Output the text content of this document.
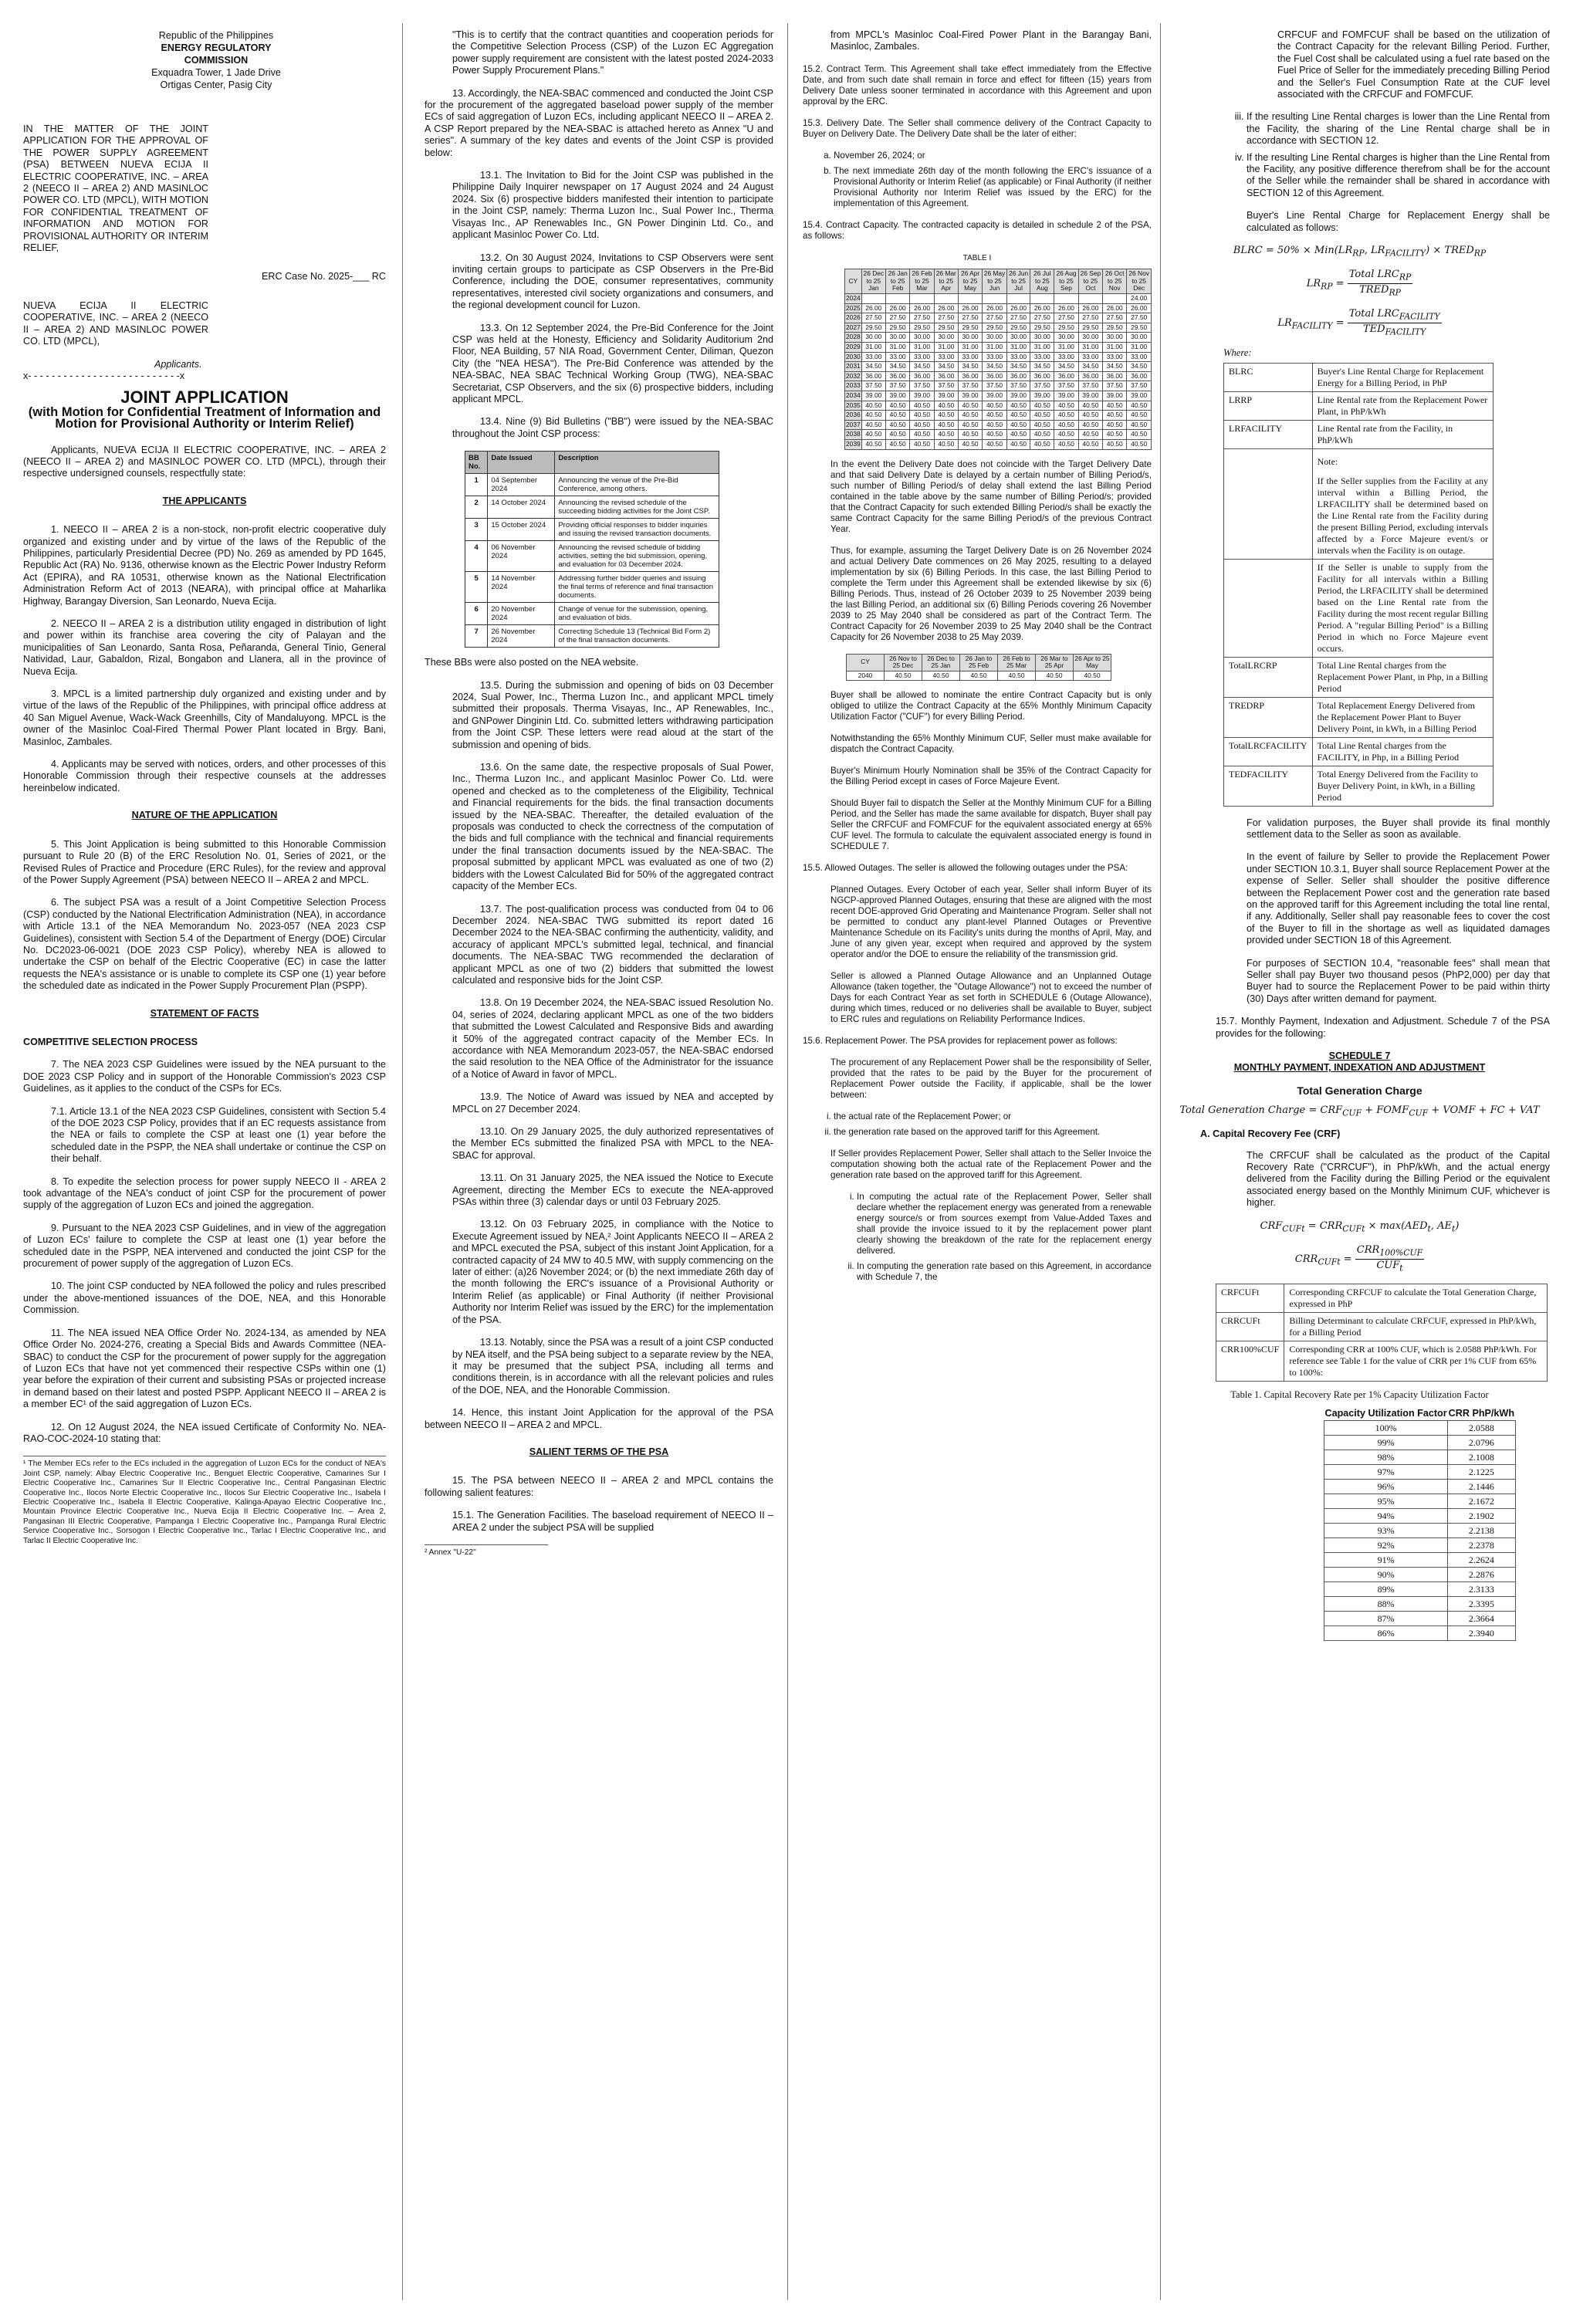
Republic of the Philippines
ENERGY REGULATORY COMMISSION
Exquadra Tower, 1 Jade Drive
Ortigas Center, Pasig City

IN THE MATTER OF THE JOINT APPLICATION FOR THE APPROVAL OF THE POWER SUPPLY AGREEMENT (PSA) BETWEEN NUEVA ECIJA II ELECTRIC COOPERATIVE, INC. – AREA 2 (NEECO II – AREA 2) AND MASINLOC POWER CO. LTD (MPCL), WITH MOTION FOR CONFIDENTIAL TREATMENT OF INFORMATION AND MOTION FOR PROVISIONAL AUTHORITY OR INTERIM RELIEF,

ERC Case No. 2025-___ RC

NUEVA ECIJA II ELECTRIC COOPERATIVE, INC. – AREA 2 (NEECO II – AREA 2) AND MASINLOC POWER CO. LTD (MPCL),

Applicants.
x- - - - - - - - - - - - - - - - - - - - - - - - - -x
JOINT APPLICATION
(with Motion for Confidential Treatment of Information and Motion for Provisional Authority or Interim Relief)

Applicants, NUEVA ECIJA II ELECTRIC COOPERATIVE, INC. – AREA 2 (NEECO II – AREA 2) and MASINLOC POWER CO. LTD (MPCL), through their respective undersigned counsels, respectfully state:

THE APPLICANTS

1. NEECO II – AREA 2 is a non-stock, non-profit electric cooperative duly organized and existing under and by virtue of the laws of the Republic of the Philippines, particularly Presidential Decree (PD) No. 269 as amended by PD 1645, Republic Act (RA) No. 9136, otherwise known as the Electric Power Industry Reform Act (EPIRA), and RA 10531, otherwise known as the National Electrification Administration Reform Act of 2013 (NEARA), with principal office at Maharlika Highway, Barangay Diversion, San Leonardo, Nueva Ecija.

2. NEECO II – AREA 2 is a distribution utility engaged in distribution of light and power within its franchise area covering the city of Palayan and the municipalities of San Leonardo, Santa Rosa, Peñaranda, General Tinio, General Natividad, Laur, Gabaldon, Rizal, Bongabon and Llanera, all in the province of Nueva Ecija.

3. MPCL is a limited partnership duly organized and existing under and by virtue of the laws of the Republic of the Philippines, with principal office address at 40 San Miguel Avenue, Wack-Wack Greenhills, City of Mandaluyong. MPCL is the owner of the Masinloc Coal-Fired Thermal Power Plant located in Brgy. Bani, Masinloc, Zambales.

4. Applicants may be served with notices, orders, and other processes of this Honorable Commission through their respective counsels at the addresses hereinbelow indicated.

NATURE OF THE APPLICATION

5. This Joint Application is being submitted to this Honorable Commission pursuant to Rule 20 (B) of the ERC Resolution No. 01, Series of 2021, or the Revised Rules of Practice and Procedure (ERC Rules), for the review and approval of the Power Supply Agreement (PSA) between NEECO II – AREA 2 and MPCL.

6. The subject PSA was a result of a Joint Competitive Selection Process (CSP) conducted by the National Electrification Administration (NEA), in accordance with Article 13.1 of the NEA Memorandum No. 2023-057 (NEA 2023 CSP Guidelines), consistent with Section 5.4 of the Department of Energy (DOE) Circular No. DC2023-06-0021 (DOE 2023 CSP Policy), whereby NEA is allowed to undertake the CSP on behalf of the Electric Cooperative (EC) in case the latter requests the NEA's assistance or is unable to complete its CSP one (1) year before the scheduled date as indicated in the Power Supply Procurement Plan (PSPP).

STATEMENT OF FACTS
COMPETITIVE SELECTION PROCESS

7. The NEA 2023 CSP Guidelines were issued by the NEA pursuant to the DOE 2023 CSP Policy and in support of the Honorable Commission's 2023 CSP Guidelines, as it applies to the conduct of the CSPs for ECs.

7.1. Article 13.1 of the NEA 2023 CSP Guidelines, consistent with Section 5.4 of the DOE 2023 CSP Policy, provides that if an EC requests assistance from the NEA or fails to complete the CSP at least one (1) year before the scheduled date in the PSPP, the NEA shall undertake or continue the CSP on their behalf.

8. To expedite the selection process for power supply NEECO II - AREA 2 took advantage of the NEA's conduct of joint CSP for the procurement of power supply of the aggregation of Luzon ECs and joined the aggregation.

9. Pursuant to the NEA 2023 CSP Guidelines, and in view of the aggregation of Luzon ECs' failure to complete the CSP at least one (1) year before the scheduled date in the PSPP, NEA intervened and conducted the joint CSP for the procurement of power supply of the aggregation of Luzon ECs.

10. The joint CSP conducted by NEA followed the policy and rules prescribed under the above-mentioned issuances of the DOE, NEA, and this Honorable Commission.

11. The NEA issued NEA Office Order No. 2024-134, as amended by NEA Office Order No. 2024-276, creating a Special Bids and Awards Committee (NEA-SBAC) to conduct the CSP for the procurement of power supply for the aggregation of Luzon ECs that have not yet commenced their respective CSPs within one (1) year before the expiration of their current and subsisting PSAs or projected increase in demand based on their latest and posted PSPP. Applicant NEECO II – AREA 2 is a member EC¹ of the said aggregation of Luzon ECs.

12. On 12 August 2024, the NEA issued Certificate of Conformity No. NEA-RAO-COC-2024-10 stating that:

¹ The Member ECs refer to the ECs included in the aggregation of Luzon ECs for the conduct of NEA's Joint CSP, namely: Albay Electric Cooperative Inc., Benguet Electric Cooperative, Camarines Sur I Electric Cooperative Inc., Camarines Sur II Electric Cooperative Inc., Central Pangasinan Electric Cooperative Inc., Ilocos Norte Electric Cooperative Inc., Ilocos Sur Electric Cooperative Inc., Isabela I Electric Cooperative Inc., Isabela II Electric Cooperative, Kalinga-Apayao Electric Cooperative Inc., Mountain Province Electric Cooperative Inc., Nueva Ecija II Electric Cooperative Inc. – Area 2, Pangasinan III Electric Cooperative, Pampanga I Electric Cooperative Inc., Pampanga Rural Electric Service Cooperative Inc., Sorsogon I Electric Cooperative Inc., Tarlac I Electric Cooperative Inc., and Tarlac II Electric Cooperative Inc.

"This is to certify that the contract quantities and cooperation periods for the Competitive Selection Process (CSP) of the Luzon EC Aggregation power supply requirement are consistent with the latest posted 2024-2033 Power Supply Procurement Plans."

13. Accordingly, the NEA-SBAC commenced and conducted the Joint CSP for the procurement of the aggregated baseload power supply of the member ECs of said aggregation of Luzon ECs, including applicant NEECO II – AREA 2. A CSP Report prepared by the NEA-SBAC is attached hereto as Annex "U and series". A summary of the key dates and events of the Joint CSP is provided below:

13.1. The Invitation to Bid for the Joint CSP was published in the Philippine Daily Inquirer newspaper on 17 August 2024 and 24 August 2024. Six (6) prospective bidders manifested their intention to participate in the Joint CSP, namely: Therma Luzon Inc., Sual Power Inc., Therma Visayas Inc., AP Renewables Inc., GN Power Dinginin Ltd. Co., and applicant Masinloc Power Co. Ltd.

13.2. On 30 August 2024, Invitations to CSP Observers were sent inviting certain groups to participate as CSP Observers in the Pre-Bid Conference, including the DOE, consumer representatives, community representatives, interested civil society organizations and consumers, and the regional development council for Luzon.

13.3. On 12 September 2024, the Pre-Bid Conference for the Joint CSP was held at the Honesty, Efficiency and Solidarity Auditorium 2nd Floor, NEA Building, 57 NIA Road, Government Center, Diliman, Quezon City (the "NEA HESA"). The Pre-Bid Conference was attended by the NEA-SBAC, NEA SBAC Technical Working Group (TWG), NEA-SBAC Secretariat, CSP Observers, and the six (6) prospective bidders, including applicant MPCL.

13.4. Nine (9) Bid Bulletins ("BB") were issued by the NEA-SBAC throughout the Joint CSP process:

BB No.	Date Issued	Description
1	04 September 2024	Announcing the venue of the Pre-Bid Conference, among others.
2	14 October 2024	Announcing the revised schedule of the succeeding bidding activities for the Joint CSP.
3	15 October 2024	Providing official responses to bidder inquiries and issuing the revised transaction documents.
4	06 November 2024	Announcing the revised schedule of bidding activities, setting the bid submission, opening, and evaluation for 03 December 2024.
5	14 November 2024	Addressing further bidder queries and issuing the final terms of reference and final transaction documents.
6	20 November 2024	Change of venue for the submission, opening, and evaluation of bids.
7	26 November 2024	Correcting Schedule 13 (Technical Bid Form 2) of the final transaction documents.

These BBs were also posted on the NEA website.

13.5. During the submission and opening of bids on 03 December 2024, Sual Power, Inc., Therma Luzon Inc., and applicant MPCL timely submitted their proposals. Therma Visayas, Inc., AP Renewables, Inc., and GNPower Dinginin Ltd. Co. submitted letters withdrawing participation from the Joint CSP. These letters were read aloud at the start of the submission and opening of bids.

13.6. On the same date, the respective proposals of Sual Power, Inc., Therma Luzon Inc., and applicant Masinloc Power Co. Ltd. were opened and checked as to the completeness of the Eligibility, Technical and Financial requirements for the bids. the final transaction documents issued by the NEA-SBAC. Thereafter, the detailed evaluation of the proposals was conducted to check the correctness of the computation of the bids and full compliance with the technical and financial requirements under the final transaction documents issued by the NEA-SBAC. The proposal submitted by applicant MPCL was evaluated as one of two (2) bidders with the Lowest Calculated Bid for 50% of the aggregated contract capacity of the Member ECs.

13.7. The post-qualification process was conducted from 04 to 06 December 2024. NEA-SBAC TWG submitted its report dated 16 December 2024 to the NEA-SBAC confirming the authenticity, validity, and accuracy of applicant MPCL's submitted legal, technical, and financial documents. The NEA-SBAC TWG recommended the declaration of applicant MPCL as one of two (2) bidders that submitted the lowest calculated and responsive bids for the Joint CSP.

13.8. On 19 December 2024, the NEA-SBAC issued Resolution No. 04, series of 2024, declaring applicant MPCL as one of the two bidders that submitted the Lowest Calculated and Responsive Bids and awarding it 50% of the aggregated contract capacity of the Member ECs. In accordance with NEA Memorandum 2023-057, the NEA-SBAC endorsed the said resolution to the NEA Office of the Administrator for the issuance of a Notice of Award in favor of MPCL.

13.9. The Notice of Award was issued by NEA and accepted by MPCL on 27 December 2024.

13.10. On 29 January 2025, the duly authorized representatives of the Member ECs submitted the finalized PSA with MPCL to the NEA-SBAC for approval.

13.11. On 31 January 2025, the NEA issued the Notice to Execute Agreement, directing the Member ECs to execute the NEA-approved PSAs within three (3) calendar days or until 03 February 2025.

13.12. On 03 February 2025, in compliance with the Notice to Execute Agreement issued by NEA,² Joint Applicants NEECO II – AREA 2 and MPCL executed the PSA, subject of this instant Joint Application, for a contracted capacity of 24 MW to 40.5 MW, with supply commencing on the later of either: (a)26 November 2024; or (b) the next immediate 26th day of the month following the ERC's issuance of a Provisional Authority or Interim Relief (as applicable) or Final Authority (if neither Provisional Authority nor Interim Relief was issued by the ERC) for the implementation of the PSA.

13.13. Notably, since the PSA was a result of a joint CSP conducted by NEA itself, and the PSA being subject to a separate review by the NEA, it may be presumed that the subject PSA, including all terms and conditions therein, is in accordance with all the relevant policies and rules of the DOE, NEA, and the Honorable Commission.

14. Hence, this instant Joint Application for the approval of the PSA between NEECO II – AREA 2 and MPCL.

SALIENT TERMS OF THE PSA

15. The PSA between NEECO II – AREA 2 and MPCL contains the following salient features:

15.1. The Generation Facilities. The baseload requirement of NEECO II – AREA 2 under the subject PSA will be supplied

² Annex "U-22"

from MPCL's Masinloc Coal-Fired Power Plant in the Barangay Bani, Masinloc, Zambales.

15.2. Contract Term. This Agreement shall take effect immediately from the Effective Date, and from such date shall remain in force and effect for fifteen (15) years from Delivery Date unless sooner terminated in accordance with this Agreement and upon approval by the ERC.

15.3. Delivery Date. The Seller shall commence delivery of the Contract Capacity to Buyer on Delivery Date. The Delivery Date shall be the later of either:

a. November 26, 2024; or
b. The next immediate 26th day of the month following the ERC's issuance of a Provisional Authority or Interim Relief (as applicable) or Final Authority (if neither Provisional Authority nor Interim Relief was issued by the ERC) for the implementation of this Agreement.

15.4. Contract Capacity. The contracted capacity is detailed in schedule 2 of the PSA, as follows:

TABLE I
CY	26 Dec to 25 Jan	26 Jan to 25 Feb	26 Feb to 25 Mar	26 Mar to 25 Apr	26 Apr to 25 May	26 May to 25 Jun	26 Jun to 25 Jul	26 Jul to 25 Aug	26 Aug to 25 Sep	26 Sep to 25 Oct	26 Oct to 25 Nov	26 Nov to 25 Dec
2024												24.00
2025	26.00	26.00	26.00	26.00	26.00	26.00	26.00	26.00	26.00	26.00	26.00	26.00
2026	27.50	27.50	27.50	27.50	27.50	27.50	27.50	27.50	27.50	27.50	27.50	27.50
2027	29.50	29.50	29.50	29.50	29.50	29.50	29.50	29.50	29.50	29.50	29.50	29.50
2028	30.00	30.00	30.00	30.00	30.00	30.00	30.00	30.00	30.00	30.00	30.00	30.00
2029	31.00	31.00	31.00	31.00	31.00	31.00	31.00	31.00	31.00	31.00	31.00	31.00
2030	33.00	33.00	33.00	33.00	33.00	33.00	33.00	33.00	33.00	33.00	33.00	33.00
2031	34.50	34.50	34.50	34.50	34.50	34.50	34.50	34.50	34.50	34.50	34.50	34.50
2032	36.00	36.00	36.00	36.00	36.00	36.00	36.00	36.00	36.00	36.00	36.00	36.00
2033	37.50	37.50	37.50	37.50	37.50	37.50	37.50	37.50	37.50	37.50	37.50	37.50
2034	39.00	39.00	39.00	39.00	39.00	39.00	39.00	39.00	39.00	39.00	39.00	39.00
2035	40.50	40.50	40.50	40.50	40.50	40.50	40.50	40.50	40.50	40.50	40.50	40.50
2036	40.50	40.50	40.50	40.50	40.50	40.50	40.50	40.50	40.50	40.50	40.50	40.50
2037	40.50	40.50	40.50	40.50	40.50	40.50	40.50	40.50	40.50	40.50	40.50	40.50
2038	40.50	40.50	40.50	40.50	40.50	40.50	40.50	40.50	40.50	40.50	40.50	40.50
2039	40.50	40.50	40.50	40.50	40.50	40.50	40.50	40.50	40.50	40.50	40.50	40.50

In the event the Delivery Date does not coincide with the Target Delivery Date and that said Delivery Date is delayed by a certain number of Billing Period/s, such number of Billing Period/s of delay shall extend the last Billing Period contained in the table above by the same number of Billing Period/s; provided that the Contract Capacity for such extended Billing Period/s shall be exactly the same Contract Capacity for the same Billing Period/s of the previous Contract Year.

Thus, for example, assuming the Target Delivery Date is on 26 November 2024 and actual Delivery Date commences on 26 May 2025, resulting to a delayed implementation by six (6) Billing Periods. In this case, the last Billing Period to complete the Term under this Agreement shall be extended likewise by six (6) Billing Periods. Thus, instead of 26 October 2039 to 25 November 2039 being the last Billing Period, an additional six (6) Billing Periods covering 26 November 2039 to 25 May 2040 shall be considered as part of the Contract Term. The Contract Capacity for 26 November 2039 to 25 May 2040 shall be the Contract Capacity for 26 November 2038 to 25 May 2039.

CY	26 Nov to 25 Dec	26 Dec to 25 Jan	26 Jan to 25 Feb	26 Feb to 25 Mar	26 Mar to 25 Apr	26 Apr to 25 May
2040	40.50	40.50	40.50	40.50	40.50	40.50

Buyer shall be allowed to nominate the entire Contract Capacity but is only obliged to utilize the Contract Capacity at the 65% Monthly Minimum Capacity Utilization Factor ("CUF") for every Billing Period.

Notwithstanding the 65% Monthly Minimum CUF, Seller must make available for dispatch the Contract Capacity.

Buyer's Minimum Hourly Nomination shall be 35% of the Contract Capacity for the Billing Period except in cases of Force Majeure Event.

Should Buyer fail to dispatch the Seller at the Monthly Minimum CUF for a Billing Period, and the Seller has made the same available for dispatch, Buyer shall pay Seller the CRFCUF and FOMFCUF for the equivalent associated energy at 65% CUF level. The formula to calculate the equivalent associated energy is found in SCHEDULE 7.

15.5. Allowed Outages. The seller is allowed the following outages under the PSA:

Planned Outages. Every October of each year, Seller shall inform Buyer of its NGCP-approved Planned Outages, ensuring that these are aligned with the most recent DOE-approved Grid Operating and Maintenance Program. Seller shall not be permitted to conduct any plant-level Planned Outages or Preventive Maintenance Schedule on its Facility's units during the months of April, May, and June of any given year, except when required and approved by the system operator and/or the DOE to ensure the reliability of the transmission grid.

Seller is allowed a Planned Outage Allowance and an Unplanned Outage Allowance (taken together, the "Outage Allowance") not to exceed the number of Days for each Contract Year as set forth in SCHEDULE 6 (Outage Allowance), during which times, reduced or no deliveries shall be available to Buyer, subject to ERC rules and regulations on Reliability Performance Indices.

15.6. Replacement Power. The PSA provides for replacement power as follows:

The procurement of any Replacement Power shall be the responsibility of Seller, provided that the rates to be paid by the Buyer for the procurement of Replacement Power outside the Facility, if applicable, shall be the lower between:

i. the actual rate of the Replacement Power; or
ii. the generation rate based on the approved tariff for this Agreement.

If Seller provides Replacement Power, Seller shall attach to the Seller Invoice the computation showing both the actual rate of the Replacement Power and the generation rate based on the approved tariff for this Agreement.

i. In computing the actual rate of the Replacement Power, Seller shall declare whether the replacement energy was generated from a renewable energy source/s or from sources exempt from Value-Added Taxes and shall provide the invoice issued to it by the replacement power plant clearly showing the breakdown of the rate for the replacement energy delivered.
ii. In computing the generation rate based on this Agreement, in accordance with Schedule 7, the

CRFCUF and FOMFCUF shall be based on the utilization of the Contract Capacity for the relevant Billing Period. Further, the Fuel Cost shall be calculated using a fuel rate based on the Fuel Price of Seller for the immediately preceding Billing Period and the Seller's Fuel Consumption Rate at the CUF level associated with the CRFCUF and FOMFCUF.

iii. If the resulting Line Rental charges is lower than the Line Rental from the Facility, the sharing of the Line Rental charge shall be in accordance with SECTION 12.
iv. If the resulting Line Rental charges is higher than the Line Rental from the Facility, any positive difference therefrom shall be for the account of the Seller while the remainder shall be shared in accordance with SECTION 12 of this Agreement.

Buyer's Line Rental Charge for Replacement Energy shall be calculated as follows:

BLRC = $50\% \times Min(LR_{RP}$, $LR_{FACILITY}$) × $TRED_{RP}$
$LR_{RP} = \frac{Total LRC_{RP}}{TRED_{RP}}$
$LR_{FACILITY} = \frac{Total LRC_{FACILITY}}{TED_{FACILITY}}$
Where:
BLRC	Buyer's Line Rental Charge for Replacement Energy for a Billing Period, in PhP
LRRP	Line Rental rate from the Replacement Power Plant, in PhP/kWh
LRFACILITY	Line Rental rate from the Facility, in PhP/kWh

	Note:
If the Seller supplies from the Facility at any interval within a Billing Period, the LRFACILITY shall be determined based on the Line Rental rate from the Facility during the present Billing Period, excluding intervals affected by a Force Majeure event/s or intervals when the Facility is on outage.

	If the Seller is unable to supply from the Facility for all intervals within a Billing Period, the LRFACILITY shall be determined based on the Line Rental rate from the Facility during the most recent regular Billing Period. A "regular Billing Period" is a Billing Period in which no Force Majeure event occurs.
TotalLRCRP	Total Line Rental charges from the Replacement Power Plant, in Php, in a Billing Period
TREDRP	Total Replacement Energy Delivered from the Replacement Power Plant to Buyer Delivery Point, in kWh, in a Billing Period
TotalLRCFACILITY	Total Line Rental charges from the FACILITY, in Php, in a Billing Period
TEDFACILITY	Total Energy Delivered from the Facility to Buyer Delivery Point, in kWh, in a Billing Period

For validation purposes, the Buyer shall provide its final monthly settlement data to the Seller as soon as available.

In the event of failure by Seller to provide the Replacement Power under SECTION 10.3.1, Buyer shall source Replacement Power at the expense of Seller. Seller shall shoulder the positive difference between the Replacement Power cost and the generation rate based on the approved tariff for this Agreement including the total line rental, if any. Additionally, Seller shall pay reasonable fees to cover the cost of the Buyer to fill in the shortage as well as liquidated damages provided under SECTION 18 of this Agreement.

For purposes of SECTION 10.4, "reasonable fees" shall mean that Seller shall pay Buyer two thousand pesos (PhP2,000) per day that Buyer had to source the Replacement Power to be paid within thirty (30) Days after written demand for payment.

15.7. Monthly Payment, Indexation and Adjustment. Schedule 7 of the PSA provides for the following:

SCHEDULE 7
MONTHLY PAYMENT, INDEXATION AND ADJUSTMENT
Total Generation Charge
Total Generation Charge = $CRF_{CUF}$ + $FOMF_{CUF}$ + VOMF + FC + VAT
A. Capital Recovery Fee (CRF)

The CRFCUF shall be calculated as the product of the Capital Recovery Rate ("CRRCUF"), in PhP/kWh, and the actual energy delivered from the Facility during the Billing Period or the equivalent associated energy based on the Monthly Minimum CUF, whichever is higher.

$CRF_{CUFt} = CRR_{CUFt} \times \max(AED_t$, $AE_t$)
$CRR_{CUFt} = \frac{CRR_{100\%CUF}}{CUF_t}$
CRFCUFt	Corresponding CRFCUF to calculate the Total Generation Charge, expressed in PhP
CRRCUFt	Billing Determinant to calculate CRFCUF, expressed in PhP/kWh, for a Billing Period
CRR100%CUF	Corresponding CRR at 100% CUF, which is 2.0588 PhP/kWh. For reference see Table 1 for the value of CRR per 1% CUF from 65% to 100%:
Table 1. Capital Recovery Rate per 1% Capacity Utilization Factor
Capacity Utilization Factor	CRR PhP/kWh
100%	2.0588
99%	2.0796
98%	2.1008
97%	2.1225
96%	2.1446
95%	2.1672
94%	2.1902
93%	2.2138
92%	2.2378
91%	2.2624
90%	2.2876
89%	2.3133
88%	2.3395
87%	2.3664
86%	2.3940
